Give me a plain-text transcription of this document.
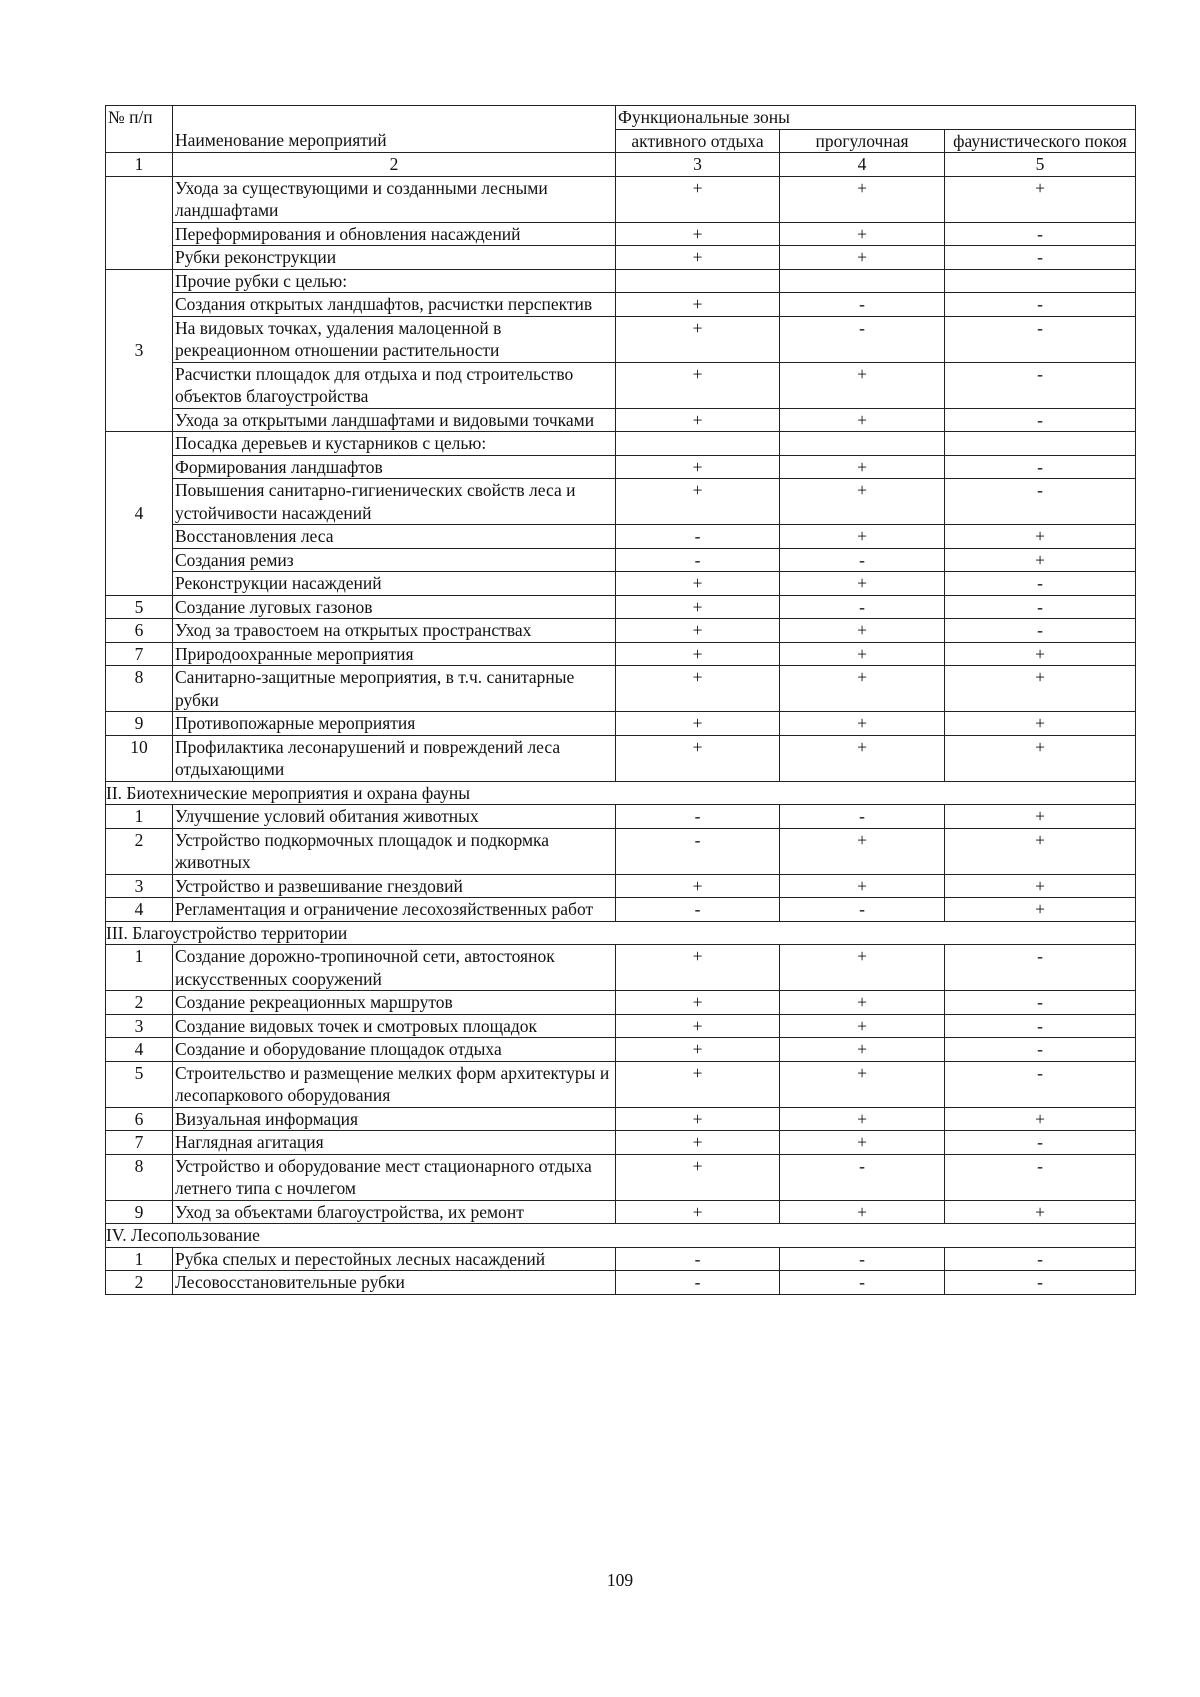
№ п/п	Наименование мероприятий	Функциональные зоны		
		активного отдыха	прогулочная	фаунистического покоя
1	2	3	4	5
	Ухода за существующими и созданными лесными ландшафтами	+	+	+
	Переформирования и обновления насаждений	+	+	-
	Рубки реконструкции	+	+	-
3	Прочие рубки с целью:			
	Создания открытых ландшафтов, расчистки перспектив	+	-	-
	На видовых точках, удаления малоценной в рекреационном отношении растительности	+	-	-
	Расчистки площадок для отдыха и под строительство объектов благоустройства	+	+	-
	Ухода за открытыми ландшафтами и видовыми точками	+	+	-
4	Посадка деревьев и кустарников с целью:			
	Формирования ландшафтов	+	+	-
	Повышения санитарно-гигиенических свойств леса и устойчивости насаждений	+	+	-
	Восстановления леса	-	+	+
	Создания ремиз	-	-	+
	Реконструкции насаждений	+	+	-
5	Создание луговых газонов	+	-	-
6	Уход за травостоем на открытых пространствах	+	+	-
7	Природоохранные мероприятия	+	+	+
8	Санитарно-защитные мероприятия, в т.ч. санитарные рубки	+	+	+
9	Противопожарные мероприятия	+	+	+
10	Профилактика лесонарушений и повреждений леса отдыхающими	+	+	+
II. Биотехнические мероприятия и охрана фауны				
1	Улучшение условий обитания животных	-	-	+
2	Устройство подкормочных площадок и подкормка животных	-	+	+
3	Устройство и развешивание гнездовий	+	+	+
4	Регламентация и ограничение лесохозяйственных работ	-	-	+
III. Благоустройство территории				
1	Создание дорожно-тропиночной сети, автостоянок искусственных сооружений	+	+	-
2	Создание рекреационных маршрутов	+	+	-
3	Создание видовых точек и смотровых площадок	+	+	-
4	Создание и оборудование площадок отдыха	+	+	-
5	Строительство и размещение мелких форм архитектуры и лесопаркового оборудования	+	+	-
6	Визуальная информация	+	+	+
7	Наглядная агитация	+	+	-
8	Устройство и оборудование мест стационарного отдыха летнего типа с ночлегом	+	-	-
9	Уход за объектами благоустройства, их ремонт	+	+	+
IV. Лесопользование				
1	Рубка спелых и перестойных лесных насаждений	-	-	-
2	Лесовосстановительные рубки	-	-	-
109
